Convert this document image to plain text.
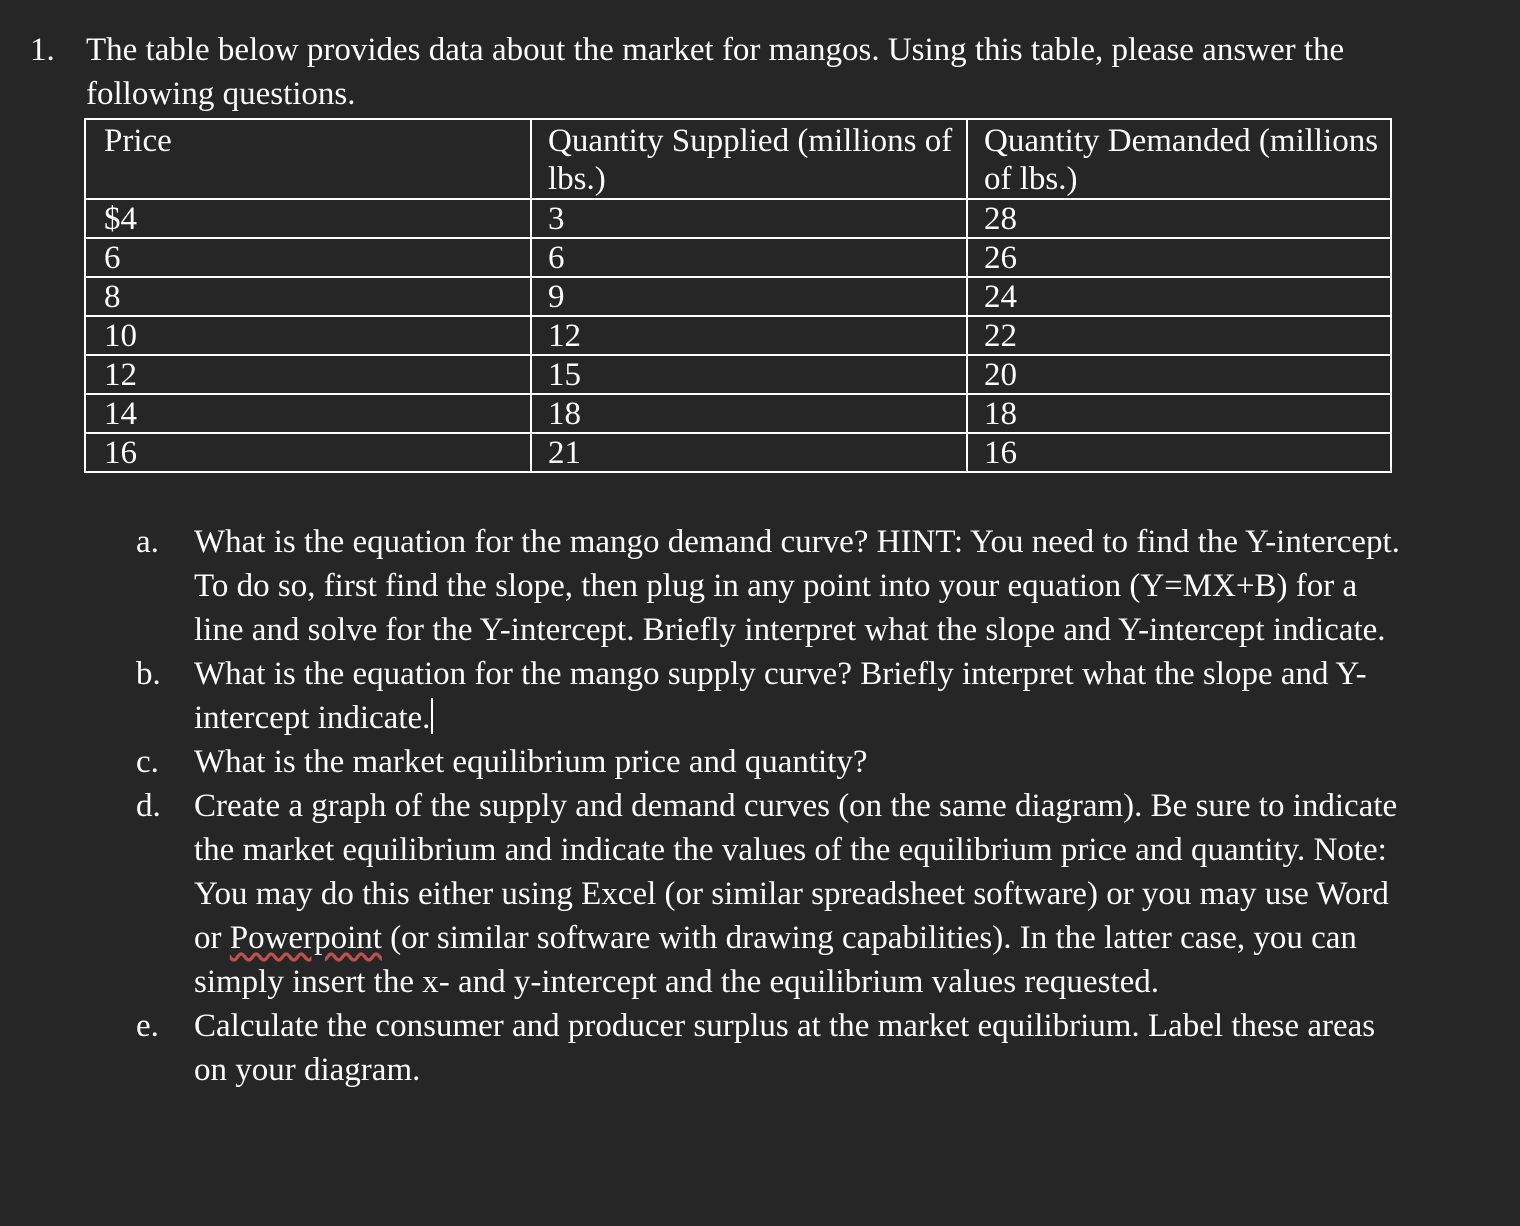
1. The table below provides data about the market for mangos. Using this table, please answer the following questions.
Price	Quantity Supplied (millions of lbs.)	Quantity Demanded (millions of lbs.)
$4	3	28
6	6	26
8	9	24
10	12	22
12	15	20
14	18	18
16	21	16
a. What is the equation for the mango demand curve? HINT: You need to find the Y-intercept. To do so, first find the slope, then plug in any point into your equation (Y=MX+B) for a line and solve for the Y-intercept. Briefly interpret what the slope and Y-intercept indicate.
b. What is the equation for the mango supply curve? Briefly interpret what the slope and Y-intercept indicate.
c. What is the market equilibrium price and quantity?
d. Create a graph of the supply and demand curves (on the same diagram). Be sure to indicate the market equilibrium and indicate the values of the equilibrium price and quantity. Note: You may do this either using Excel (or similar spreadsheet software) or you may use Word or Powerpoint (or similar software with drawing capabilities). In the latter case, you can simply insert the x- and y-intercept and the equilibrium values requested.
e. Calculate the consumer and producer surplus at the market equilibrium. Label these areas on your diagram.
